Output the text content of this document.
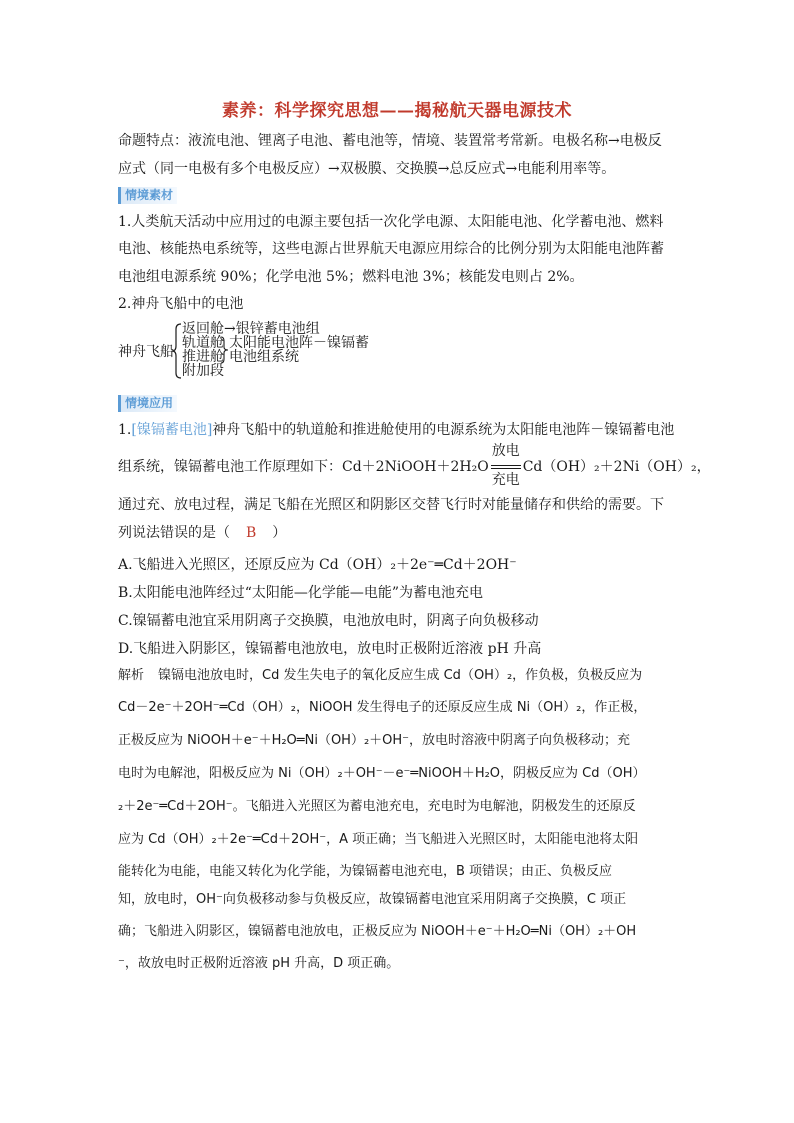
素养：科学探究思想——揭秘航天器电源技术
命题特点：液流电池、锂离子电池、蓄电池等，情境、装置常考常新。电极名称→电极反
应式（同一电极有多个电极反应）→双极膜、交换膜→总反应式→电能利用率等。
情境素材
1.人类航天活动中应用过的电源主要包括一次化学电源、太阳能电池、化学蓄电池、燃料
电池、核能热电系统等，这些电源占世界航天电源应用综合的比例分别为太阳能电池阵蓄
电池组电源系统 90%；化学电池 5%；燃料电池 3%；核能发电则占 2%。
2.神舟飞船中的电池
神舟飞船
返回舱→银锌蓄电池组
轨道舱
推进舱
附加段
太阳能电池阵－镍镉蓄
电池组系统
情境应用
1.[镍镉蓄电池]神舟飞船中的轨道舱和推进舱使用的电源系统为太阳能电池阵－镍镉蓄电池
组系统，镍镉蓄电池工作原理如下：Cd＋2NiOOH＋2H₂O
放电
充电
Cd（OH）₂＋2Ni（OH）₂，
通过充、放电过程，满足飞船在光照区和阴影区交替飞行时对能量储存和供给的需要。下
列说法错误的是（ B ）
A.飞船进入光照区，还原反应为 Cd（OH）₂＋2e⁻═Cd＋2OH⁻
B.太阳能电池阵经过“太阳能—化学能—电能”为蓄电池充电
C.镍镉蓄电池宜采用阴离子交换膜，电池放电时，阴离子向负极移动
D.飞船进入阴影区，镍镉蓄电池放电，放电时正极附近溶液 pH 升高
解析 镍镉电池放电时，Cd 发生失电子的氧化反应生成 Cd（OH）₂，作负极，负极反应为
Cd－2e⁻＋2OH⁻═Cd（OH）₂，NiOOH 发生得电子的还原反应生成 Ni（OH）₂，作正极，
正极反应为 NiOOH＋e⁻＋H₂O═Ni（OH）₂＋OH⁻，放电时溶液中阴离子向负极移动；充
电时为电解池，阳极反应为 Ni（OH）₂＋OH⁻－e⁻═NiOOH＋H₂O，阴极反应为 Cd（OH）
₂＋2e⁻═Cd＋2OH⁻。飞船进入光照区为蓄电池充电，充电时为电解池，阴极发生的还原反
应为 Cd（OH）₂＋2e⁻═Cd＋2OH⁻，A 项正确；当飞船进入光照区时，太阳能电池将太阳
能转化为电能，电能又转化为化学能，为镍镉蓄电池充电，B 项错误；由正、负极反应
知，放电时，OH⁻向负极移动参与负极反应，故镍镉蓄电池宜采用阴离子交换膜，C 项正
确；飞船进入阴影区，镍镉蓄电池放电，正极反应为 NiOOH＋e⁻＋H₂O═Ni（OH）₂＋OH
⁻，故放电时正极附近溶液 pH 升高，D 项正确。
